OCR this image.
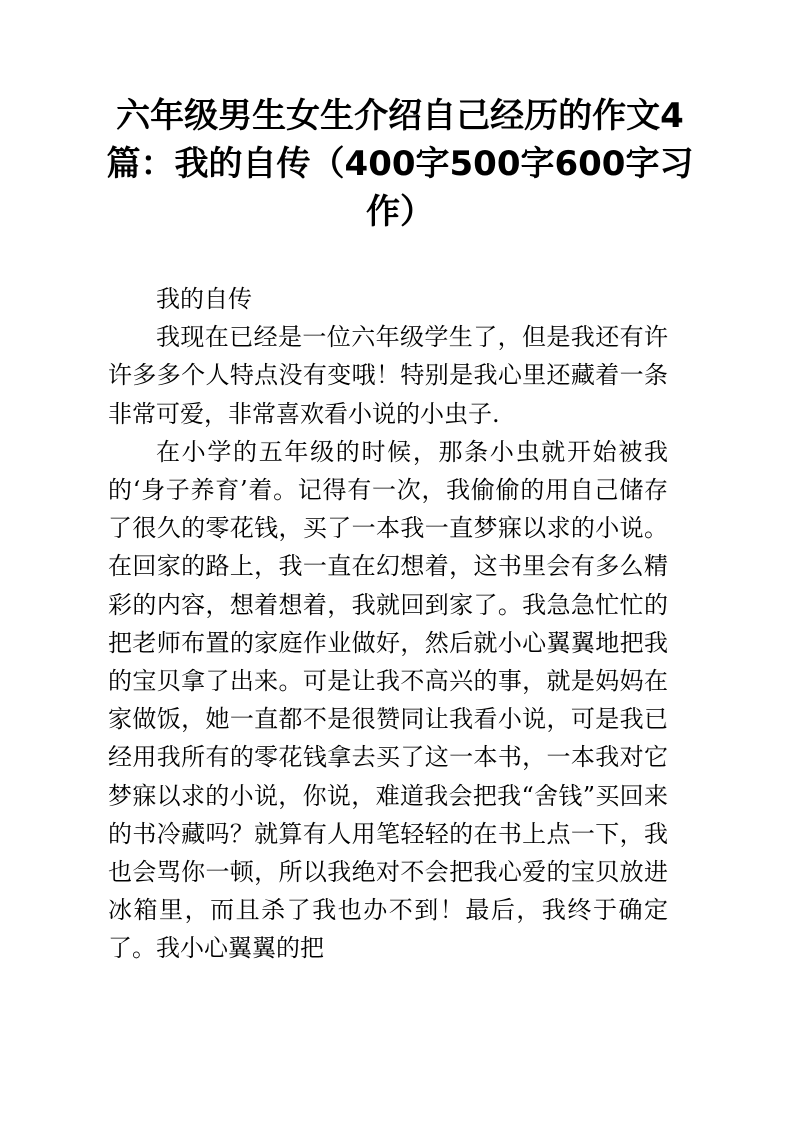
六年级男生女生介绍自己经历的作文4篇：我的自传（400字500字600字习作）

我的自传

我现在已经是一位六年级学生了，但是我还有许许多多个人特点没有变哦！特别是我心里还藏着一条非常可爱，非常喜欢看小说的小虫子.

在小学的五年级的时候，那条小虫就开始被我的‘身子养育’着。记得有一次，我偷偷的用自己储存了很久的零花钱，买了一本我一直梦寐以求的小说。在回家的路上，我一直在幻想着，这书里会有多么精彩的内容，想着想着，我就回到家了。我急急忙忙的把老师布置的家庭作业做好，然后就小心翼翼地把我的宝贝拿了出来。可是让我不高兴的事，就是妈妈在家做饭，她一直都不是很赞同让我看小说，可是我已经用我所有的零花钱拿去买了这一本书，一本我对它梦寐以求的小说，你说，难道我会把我“舍钱”买回来的书冷藏吗？就算有人用笔轻轻的在书上点一下，我也会骂你一顿，所以我绝对不会把我心爱的宝贝放进冰箱里，而且杀了我也办不到！最后，我终于确定了。我小心翼翼的把
